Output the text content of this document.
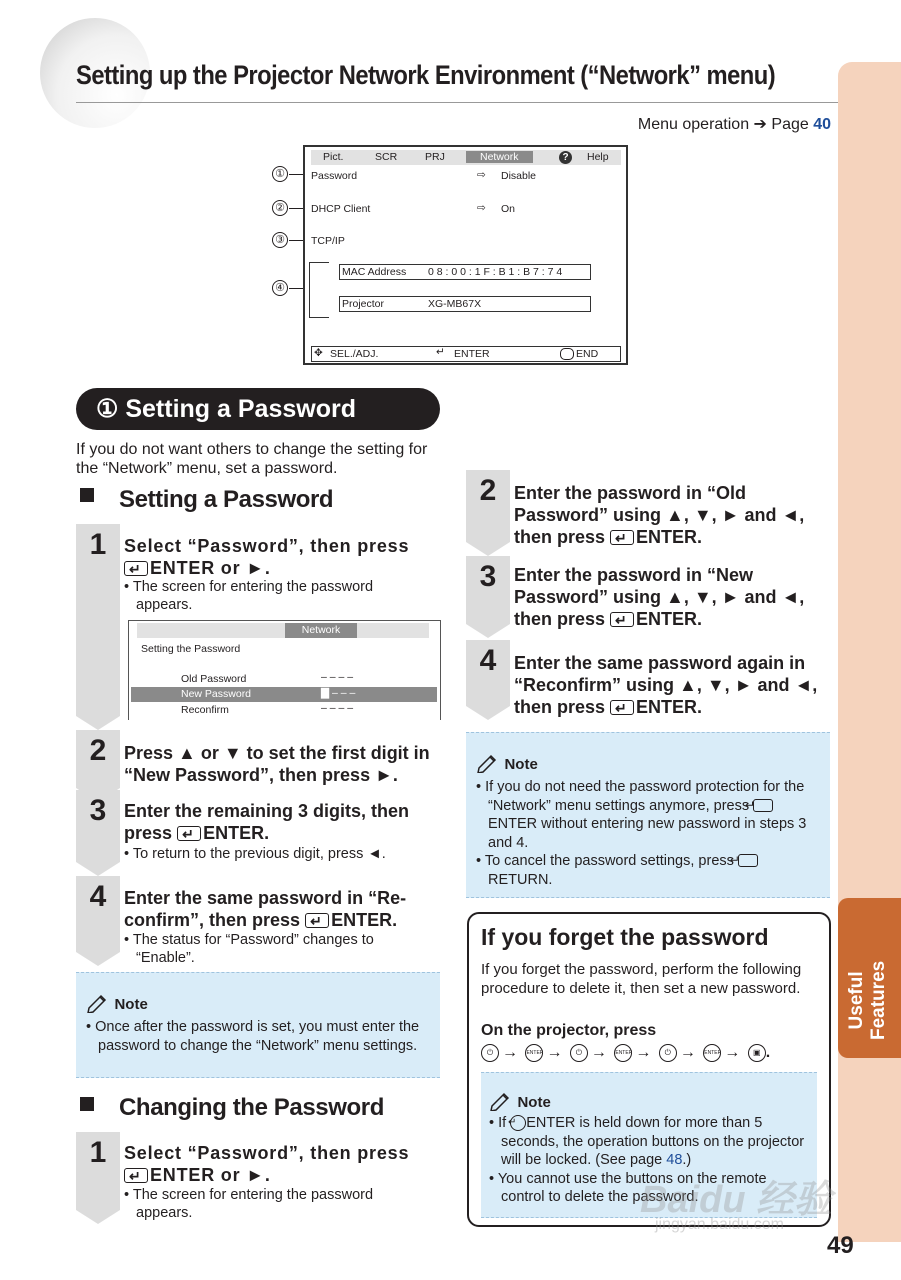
Setting up the Projector Network Environment (“Network” menu)
Menu operation ➔ Page 40
Useful Features
①
②
③
④
Pict.	SCR	PRJ	Network	?	Help
Password	⇨ Disable
DHCP Client	⇨ On
TCP/IP
MAC Address 0 8 : 0 0 : 1 F : B 1 : B 7 : 7 4
Projector	XG-MB67X
✥ SEL./ADJ.	↵ ENTER	END
① Setting a Password
If you do not want others to change the setting for the “Network” menu, set a password.
Setting a Password
1 Select “Password”, then press
↵ENTER or ►.
• The screen for entering the password appears.
Network
Setting the Password
Old Password	– – – –
New Password	▇ – – –
Reconfirm	– – – –
2 Press ▲ or ▼ to set the first digit in “New Password”, then press ►.
3 Enter the remaining 3 digits, then press ↵ ENTER.
• To return to the previous digit, press ◄.
4 Enter the same password in “Re-confirm”, then press ↵ ENTER.
• The status for “Password” changes to “Enable”.
Note
• Once after the password is set, you must enter the password to change the “Network” menu settings.
Changing the Password
1 Select “Password”, then press
↵ENTER or ►.
• The screen for entering the password appears.
2 Enter the password in “Old Password” using ▲, ▼, ► and ◄, then press ↵ ENTER.
3 Enter the password in “New Password” using ▲, ▼, ► and ◄, then press ↵ ENTER.
4 Enter the same password again in “Reconfirm” using ▲, ▼, ► and ◄, then press ↵ ENTER.
Note
• If you do not need the password protection for the “Network” menu settings anymore, press ↵ENTER without entering new password in steps 3 and 4.
• To cancel the password settings, press ↵RETURN.
If you forget the password
If you forget the password, perform the following procedure to delete it, then set a new password.
On the projector, press
⏻ → ENTER → ⏻ → ENTER → ⏻ → ENTER → ▣ .
Note
• If ↵ ENTER is held down for more than 5 seconds, the operation buttons on the projector will be locked. (See page 48.)
• You cannot use the buttons on the remote control to delete the password.
Baidu 经验
jingyan.baidu.com
49
